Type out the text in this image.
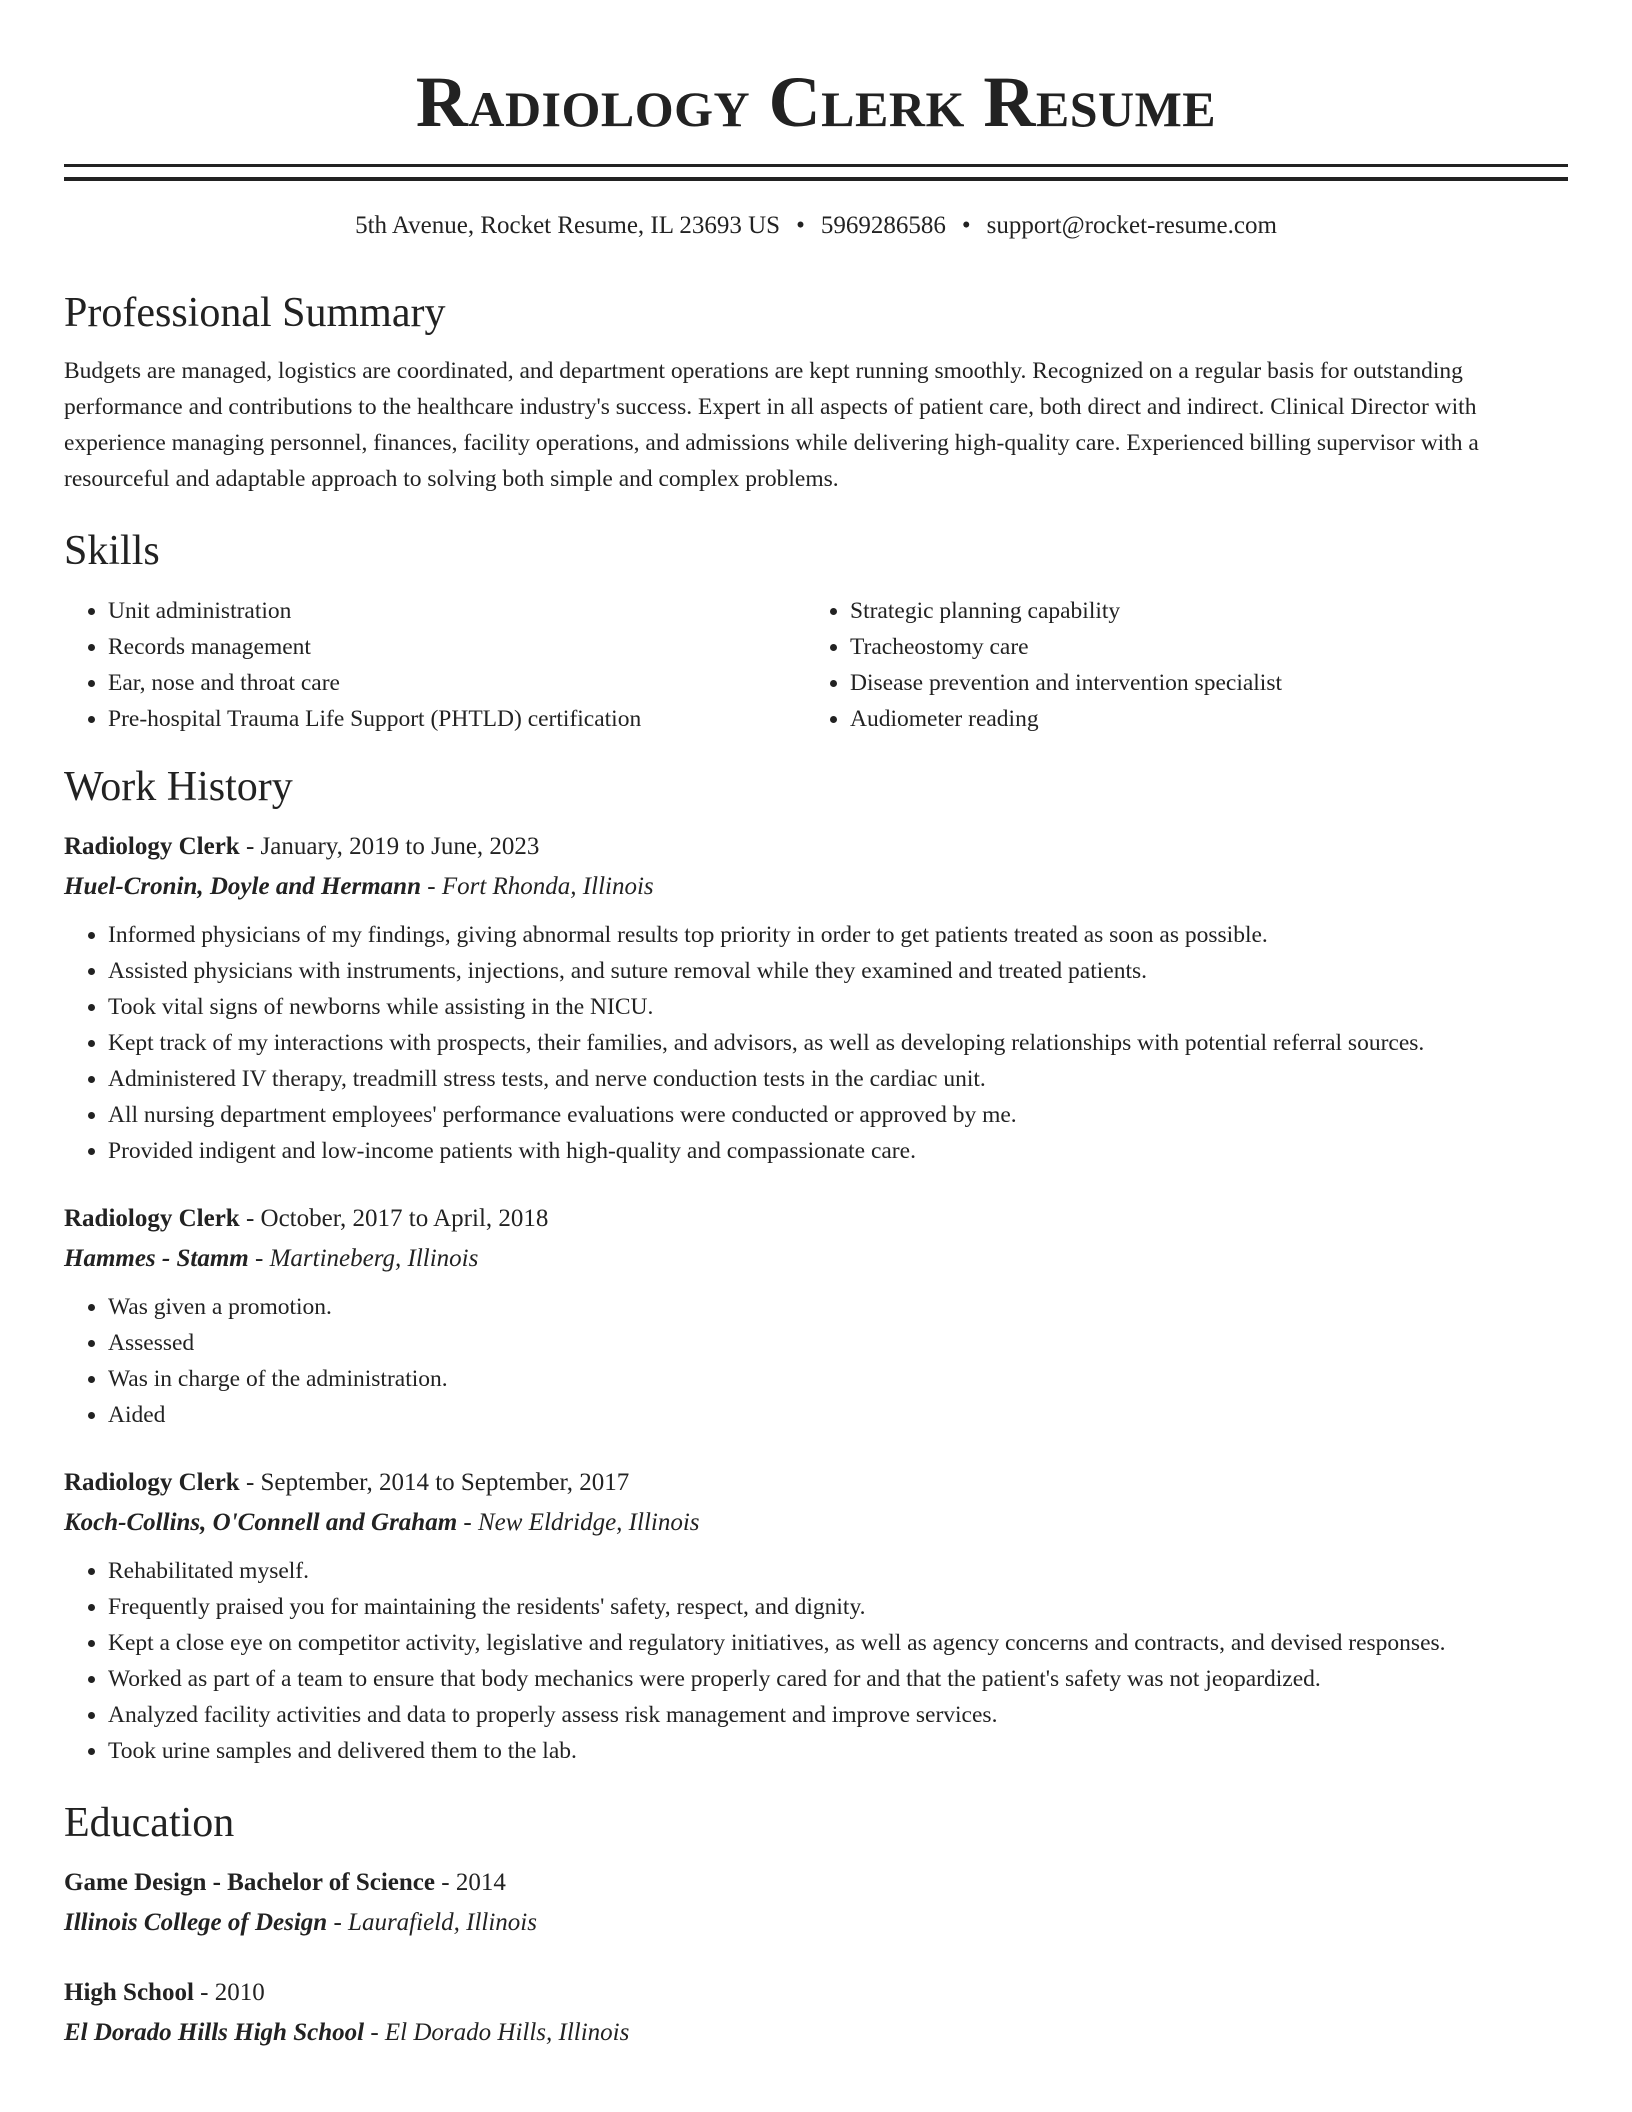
Radiology Clerk Resume
5th Avenue, Rocket Resume, IL 23693 US • 5969286586 • support@rocket-resume.com
Professional Summary

Budgets are managed, logistics are coordinated, and department operations are kept running smoothly. Recognized on a regular basis for outstanding performance and contributions to the healthcare industry's success. Expert in all aspects of patient care, both direct and indirect. Clinical Director with experience managing personnel, finances, facility operations, and admissions while delivering high-quality care. Experienced billing supervisor with a resourceful and adaptable approach to solving both simple and complex problems.

Skills
• Unit administration
• Records management
• Ear, nose and throat care
• Pre-hospital Trauma Life Support (PHTLD) certification
• Strategic planning capability
• Tracheostomy care
• Disease prevention and intervention specialist
• Audiometer reading
Work History
Radiology Clerk - January, 2019 to June, 2023
Huel-Cronin, Doyle and Hermann - Fort Rhonda, Illinois
• Informed physicians of my findings, giving abnormal results top priority in order to get patients treated as soon as possible.
• Assisted physicians with instruments, injections, and suture removal while they examined and treated patients.
• Took vital signs of newborns while assisting in the NICU.
• Kept track of my interactions with prospects, their families, and advisors, as well as developing relationships with potential referral sources.
• Administered IV therapy, treadmill stress tests, and nerve conduction tests in the cardiac unit.
• All nursing department employees' performance evaluations were conducted or approved by me.
• Provided indigent and low-income patients with high-quality and compassionate care.
Radiology Clerk - October, 2017 to April, 2018
Hammes - Stamm - Martineberg, Illinois
• Was given a promotion.
• Assessed
• Was in charge of the administration.
• Aided
Radiology Clerk - September, 2014 to September, 2017
Koch-Collins, O'Connell and Graham - New Eldridge, Illinois
• Rehabilitated myself.
• Frequently praised you for maintaining the residents' safety, respect, and dignity.
• Kept a close eye on competitor activity, legislative and regulatory initiatives, as well as agency concerns and contracts, and devised responses.
• Worked as part of a team to ensure that body mechanics were properly cared for and that the patient's safety was not jeopardized.
• Analyzed facility activities and data to properly assess risk management and improve services.
• Took urine samples and delivered them to the lab.
Education
Game Design - Bachelor of Science - 2014
Illinois College of Design - Laurafield, Illinois
High School - 2010
El Dorado Hills High School - El Dorado Hills, Illinois
